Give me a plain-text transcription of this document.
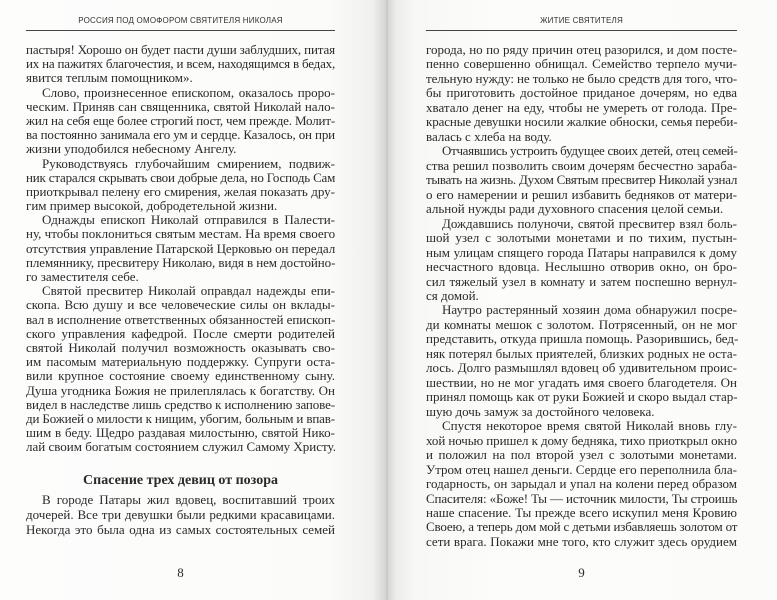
РОССИЯ ПОД ОМОФОРОМ СВЯТИТЕЛЯ НИКОЛАЯ
пастыря! Хорошо он будет пасти души заблудших, питая
их на пажитях благочестия, и всем, находящимся в бедах,
явится теплым помощником».
Слово, произнесенное епископом, оказалось проро-
ческим. Приняв сан священника, святой Николай нало-
жил на себя еще более строгий пост, чем прежде. Молит-
ва постоянно занимала его ум и сердце. Казалось, он при
жизни уподобился небесному Ангелу.
Руководствуясь глубочайшим смирением, подвиж-
ник старался скрывать свои добрые дела, но Господь Сам
приоткрывал пелену его смирения, желая показать дру-
гим пример высокой, добродетельной жизни.
Однажды епископ Николай отправился в Палести-
ну, чтобы поклониться святым местам. На время своего
отсутствия управление Патарской Церковью он передал
племяннику, пресвитеру Николаю, видя в нем достойно-
го заместителя себе.
Святой пресвитер Николай оправдал надежды епи-
скопа. Всю душу и все человеческие силы он вклады-
вал в исполнение ответственных обязанностей епископ-
ского управления кафедрой. После смерти родителей
святой Николай получил возможность оказывать сво-
им пасомым материальную поддержку. Супруги оста-
вили крупное состояние своему единственному сыну.
Душа угодника Божия не прилеплялась к богатству. Он
видел в наследстве лишь средство к исполнению запове-
ди Божией о милости к нищим, убогим, больным и впав-
шим в беду. Щедро раздавая милостыню, святой Нико-
лай своим богатым состоянием служил Самому Христу.
Спасение трех девиц от позора
В городе Патары жил вдовец, воспитавший троих
дочерей. Все три девушки были редкими красавицами.
Некогда это была одна из самых состоятельных семей
8
ЖИТИЕ СВЯТИТЕЛЯ
города, но по ряду причин отец разорился, и дом посте-
пенно совершенно обнищал. Семейство терпело мучи-
тельную нужду: не только не было средств для того, что-
бы приготовить достойное приданое дочерям, но едва
хватало денег на еду, чтобы не умереть от голода. Пре-
красные девушки носили жалкие обноски, семья переби-
валась с хлеба на воду.
Отчаявшись устроить будущее своих детей, отец семей-
ства решил позволить своим дочерям бесчестно зараба-
тывать на жизнь. Духом Святым пресвитер Николай узнал
о его намерении и решил избавить бедняков от матери-
альной нужды ради духовного спасения целой семьи.
Дождавшись полуночи, святой пресвитер взял боль-
шой узел с золотыми монетами и по тихим, пустын-
ным улицам спящего города Патары направился к дому
несчастного вдовца. Неслышно отворив окно, он бро-
сил тяжелый узел в комнату и затем поспешно вернул-
ся домой.
Наутро растерянный хозяин дома обнаружил посре-
ди комнаты мешок с золотом. Потрясенный, он не мог
представить, откуда пришла помощь. Разорившись, бед-
няк потерял былых приятелей, близких родных не оста-
лось. Долго размышлял вдовец об удивительном проис-
шествии, но не мог угадать имя своего благодетеля. Он
принял помощь как от руки Божией и скоро выдал стар-
шую дочь замуж за достойного человека.
Спустя некоторое время святой Николай вновь глу-
хой ночью пришел к дому бедняка, тихо приоткрыл окно
и положил на пол второй узел с золотыми монетами.
Утром отец нашел деньги. Сердце его переполнила бла-
годарность, он зарыдал и упал на колени перед образом
Спасителя: «Боже! Ты — источник милости, Ты строишь
наше спасение. Ты прежде всего искупил меня Кровию
Своею, а теперь дом мой с детьми избавляешь золотом от
сети врага. Покажи мне того, кто служит здесь орудием
9
